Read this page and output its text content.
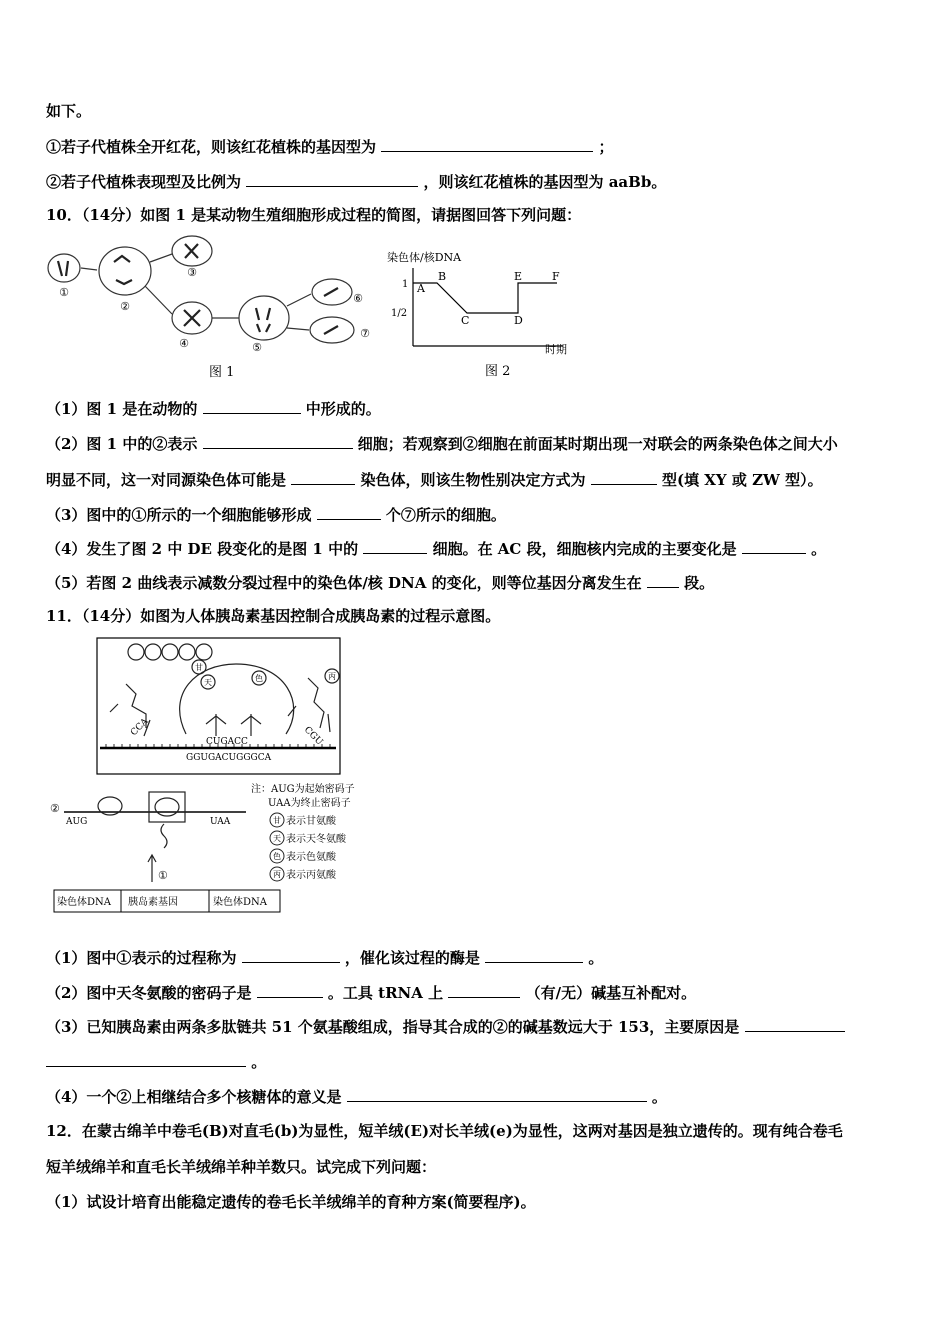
如下。
①若子代植株全开红花，则该红花植株的基因型为	；
②若子代植株表现型及比例为	，则该红花植株的基因型为 aaBb。
10．（14分）如图 1 是某动物生殖细胞形成过程的简图，请据图回答下列问题：
①
②
③
④	⑤
⑥
⑦
图 1
染色体/核DNA
1
1/2
A
B
C	D
E	F
时期
图 2
（1）图 1 是在动物的	中形成的。
（2）图 1 中的②表示	细胞；若观察到②细胞在前面某时期出现一对联会的两条染色体之间大小
明显不同，这一对同源染色体可能是	染色体，则该生物性别决定方式为	型(填 XY 或 ZW 型）。
（3）图中的①所示的一个细胞能够形成	个⑦所示的细胞。
（4）发生了图 2 中 DE 段变化的是图 1 中的	细胞。在 AC 段，细胞核内完成的主要变化是	。
（5）若图 2 曲线表示减数分裂过程中的染色体/核 DNA 的变化，则等位基因分离发生在	段。
11．（14分）如图为人体胰岛素基因控制合成胰岛素的过程示意图。
甘
天	色	丙
CCA	CGU
CUGACC
GGUGACUGGGCA
②
AUG	UAA
①
染色体DNA 胰岛素基因	染色体DNA
注：AUG为起始密码子
UAA为终止密码子
表示甘氨酸
表示天冬氨酸
表示色氨酸
表示丙氨酸
甘
天
色
丙
（1）图中①表示的过程称为	，催化该过程的酶是	。
（2）图中天冬氨酸的密码子是	。工具 tRNA 上	（有/无）碱基互补配对。
（3）已知胰岛素由两条多肽链共 51 个氨基酸组成，指导其合成的②的碱基数远大于 153，主要原因是
。
（4）一个②上相继结合多个核糖体的意义是	。
12．在蒙古绵羊中卷毛(B)对直毛(b)为显性，短羊绒(E)对长羊绒(e)为显性，这两对基因是独立遗传的。现有纯合卷毛
短羊绒绵羊和直毛长羊绒绵羊种羊数只。试完成下列问题：
（1）试设计培育出能稳定遗传的卷毛长羊绒绵羊的育种方案(简要程序)。
